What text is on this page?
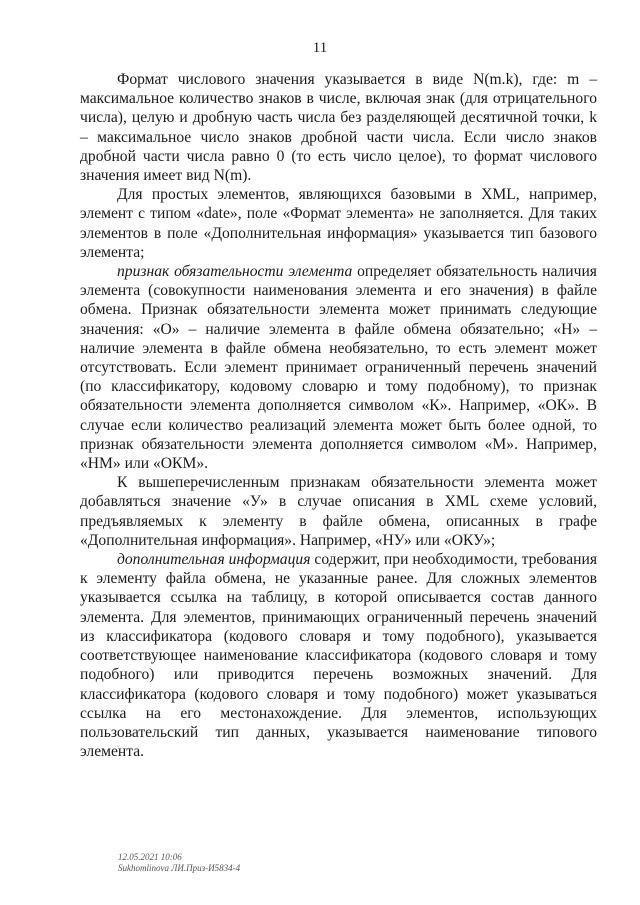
11

Формат числового значения указывается в виде N(m.k), где: m – максимальное количество знаков в числе, включая знак (для отрицательного числа), целую и дробную часть числа без разделяющей десятичной точки, k – максимальное число знаков дробной части числа. Если число знаков дробной части числа равно 0 (то есть число целое), то формат числового значения имеет вид N(m).

Для простых элементов, являющихся базовыми в XML, например, элемент с типом «date», поле «Формат элемента» не заполняется. Для таких элементов в поле «Дополнительная информация» указывается тип базового элемента;

признак обязательности элемента определяет обязательность наличия элемента (совокупности наименования элемента и его значения) в файле обмена. Признак обязательности элемента может принимать следующие значения: «О» – наличие элемента в файле обмена обязательно; «Н» – наличие элемента в файле обмена необязательно, то есть элемент может отсутствовать. Если элемент принимает ограниченный перечень значений (по классификатору, кодовому словарю и тому подобному), то признак обязательности элемента дополняется символом «К». Например, «ОК». В случае если количество реализаций элемента может быть более одной, то признак обязательности элемента дополняется символом «М». Например, «НМ» или «ОКМ».

К вышеперечисленным признакам обязательности элемента может добавляться значение «У» в случае описания в XML схеме условий, предъявляемых к элементу в файле обмена, описанных в графе «Дополнительная информация». Например, «НУ» или «ОКУ»;

дополнительная информация содержит, при необходимости, требования к элементу файла обмена, не указанные ранее. Для сложных элементов указывается ссылка на таблицу, в которой описывается состав данного элемента. Для элементов, принимающих ограниченный перечень значений из классификатора (кодового словаря и тому подобного), указывается соответствующее наименование классификатора (кодового словаря и тому подобного) или приводится перечень возможных значений. Для классификатора (кодового словаря и тому подобного) может указываться ссылка на его местонахождение. Для элементов, использующих пользовательский тип данных, указывается наименование типового элемента.

12.05.2021 10:06
Sukhomlinova ЛИ.Приз-И5834-4
